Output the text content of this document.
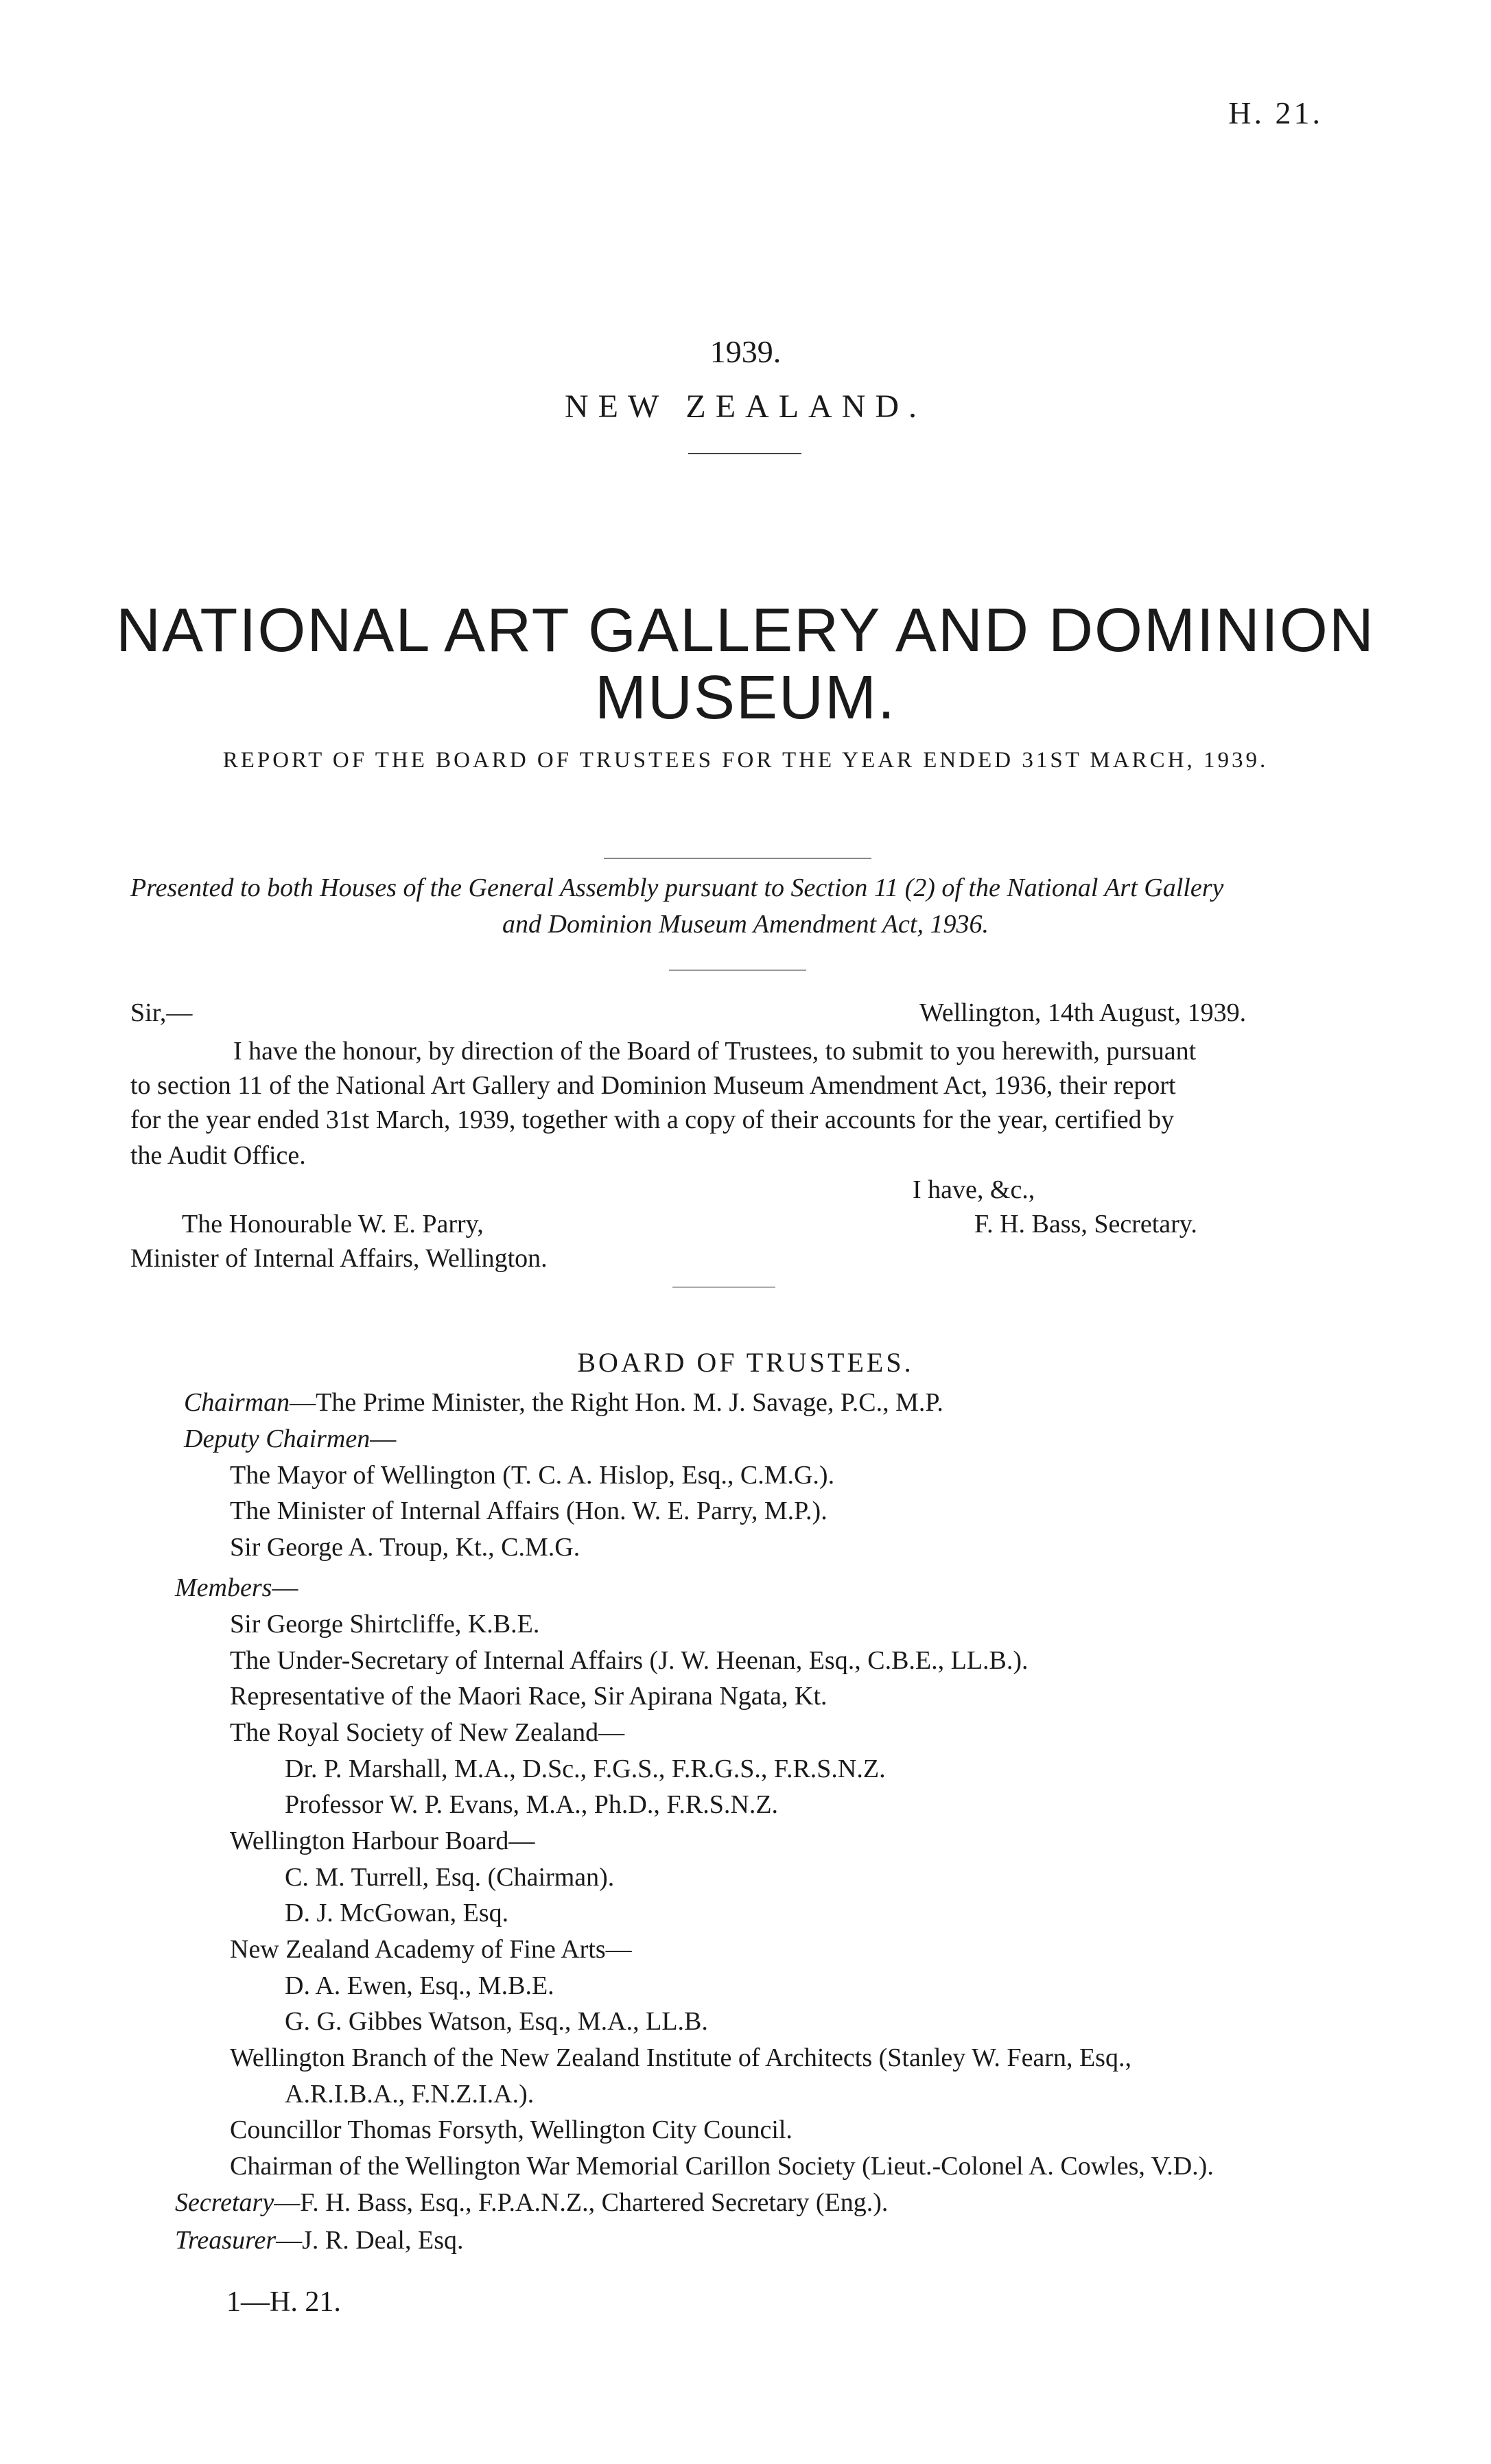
H. 21.
1939.
NEW ZEALAND.
NATIONAL ART GALLERY AND DOMINION
MUSEUM.
REPORT OF THE BOARD OF TRUSTEES FOR THE YEAR ENDED 31ST MARCH, 1939.
Presented to both Houses of the General Assembly pursuant to Section 11 (2) of the National Art Gallery
and Dominion Museum Amendment Act, 1936.
Sir,—	Wellington, 14th August, 1939.
I have the honour, by direction of the Board of Trustees, to submit to you herewith, pursuant
to section 11 of the National Art Gallery and Dominion Museum Amendment Act, 1936, their report
for the year ended 31st March, 1939, together with a copy of their accounts for the year, certified by
the Audit Office.
I have, &c.,
The Honourable W. E. Parry,	F. H. Bass, Secretary.
Minister of Internal Affairs, Wellington.
BOARD OF TRUSTEES.
Chairman—The Prime Minister, the Right Hon. M. J. Savage, P.C., M.P.
Deputy Chairmen—
The Mayor of Wellington (T. C. A. Hislop, Esq., C.M.G.).
The Minister of Internal Affairs (Hon. W. E. Parry, M.P.).
Sir George A. Troup, Kt., C.M.G.
Members—
Sir George Shirtcliffe, K.B.E.
The Under-Secretary of Internal Affairs (J. W. Heenan, Esq., C.B.E., LL.B.).
Representative of the Maori Race, Sir Apirana Ngata, Kt.
The Royal Society of New Zealand—
Dr. P. Marshall, M.A., D.Sc., F.G.S., F.R.G.S., F.R.S.N.Z.
Professor W. P. Evans, M.A., Ph.D., F.R.S.N.Z.
Wellington Harbour Board—
C. M. Turrell, Esq. (Chairman).
D. J. McGowan, Esq.
New Zealand Academy of Fine Arts—
D. A. Ewen, Esq., M.B.E.
G. G. Gibbes Watson, Esq., M.A., LL.B.
Wellington Branch of the New Zealand Institute of Architects (Stanley W. Fearn, Esq.,
A.R.I.B.A., F.N.Z.I.A.).
Councillor Thomas Forsyth, Wellington City Council.
Chairman of the Wellington War Memorial Carillon Society (Lieut.-Colonel A. Cowles, V.D.).
Secretary—F. H. Bass, Esq., F.P.A.N.Z., Chartered Secretary (Eng.).
Treasurer—J. R. Deal, Esq.
1—H. 21.
